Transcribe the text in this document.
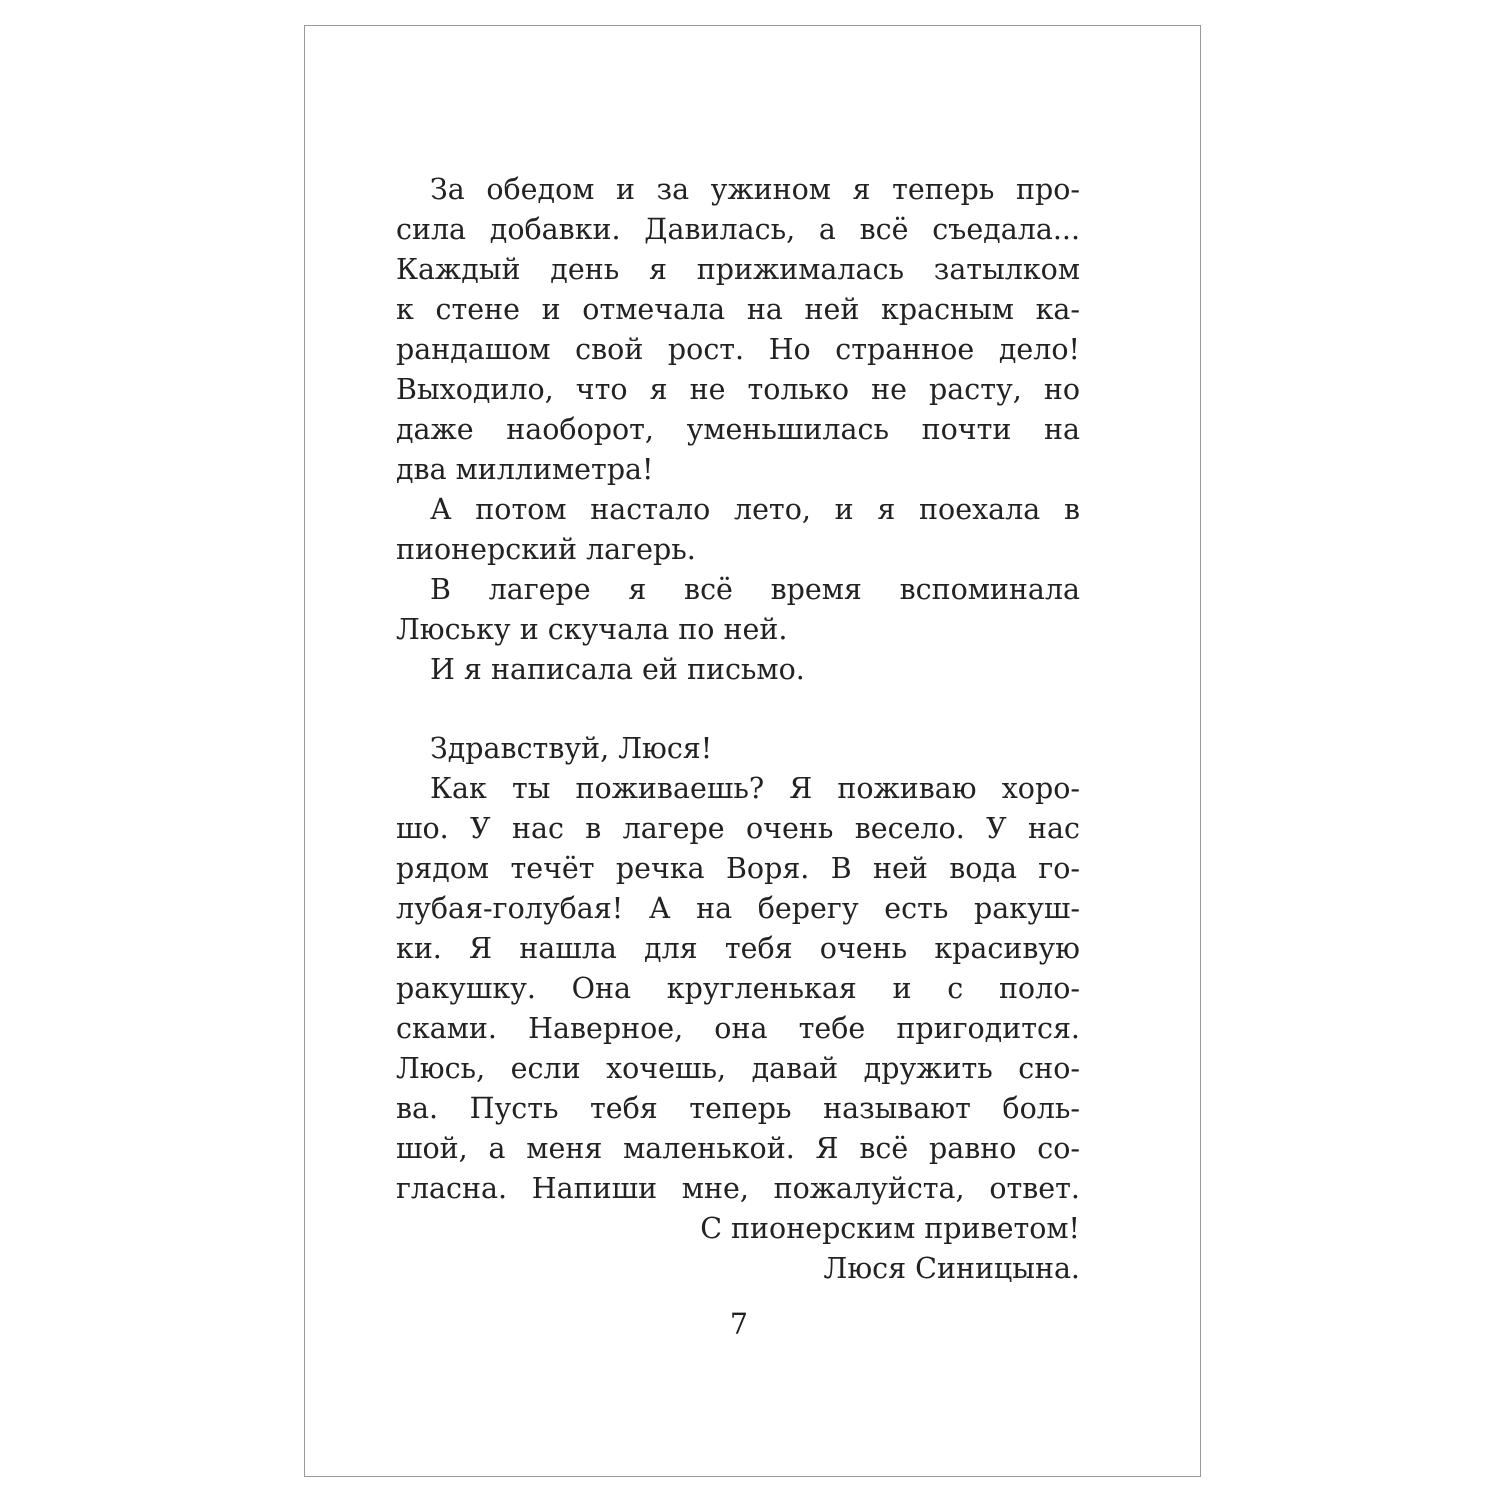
За обедом и за ужином я теперь про-
сила добавки. Давилась, а всё съедала...
Каждый день я прижималась затылком
к стене и отмечала на ней красным ка-
рандашом свой рост. Но странное дело!
Выходило, что я не только не расту, но
даже наоборот, уменьшилась почти на
два миллиметра!
А потом настало лето, и я поехала в
пионерский лагерь.
В лагере я всё время вспоминала
Люську и скучала по ней.
И я написала ей письмо.
Здравствуй, Люся!
Как ты поживаешь? Я поживаю хоро-
шо. У нас в лагере очень весело. У нас
рядом течёт речка Воря. В ней вода го-
лубая-голубая! А на берегу есть ракуш-
ки. Я нашла для тебя очень красивую
ракушку. Она кругленькая и с поло-
сками. Наверное, она тебе пригодится.
Люсь, если хочешь, давай дружить сно-
ва. Пусть тебя теперь называют боль-
шой, а меня маленькой. Я всё равно со-
гласна. Напиши мне, пожалуйста, ответ.
С пионерским приветом!
Люся Синицына.
7
